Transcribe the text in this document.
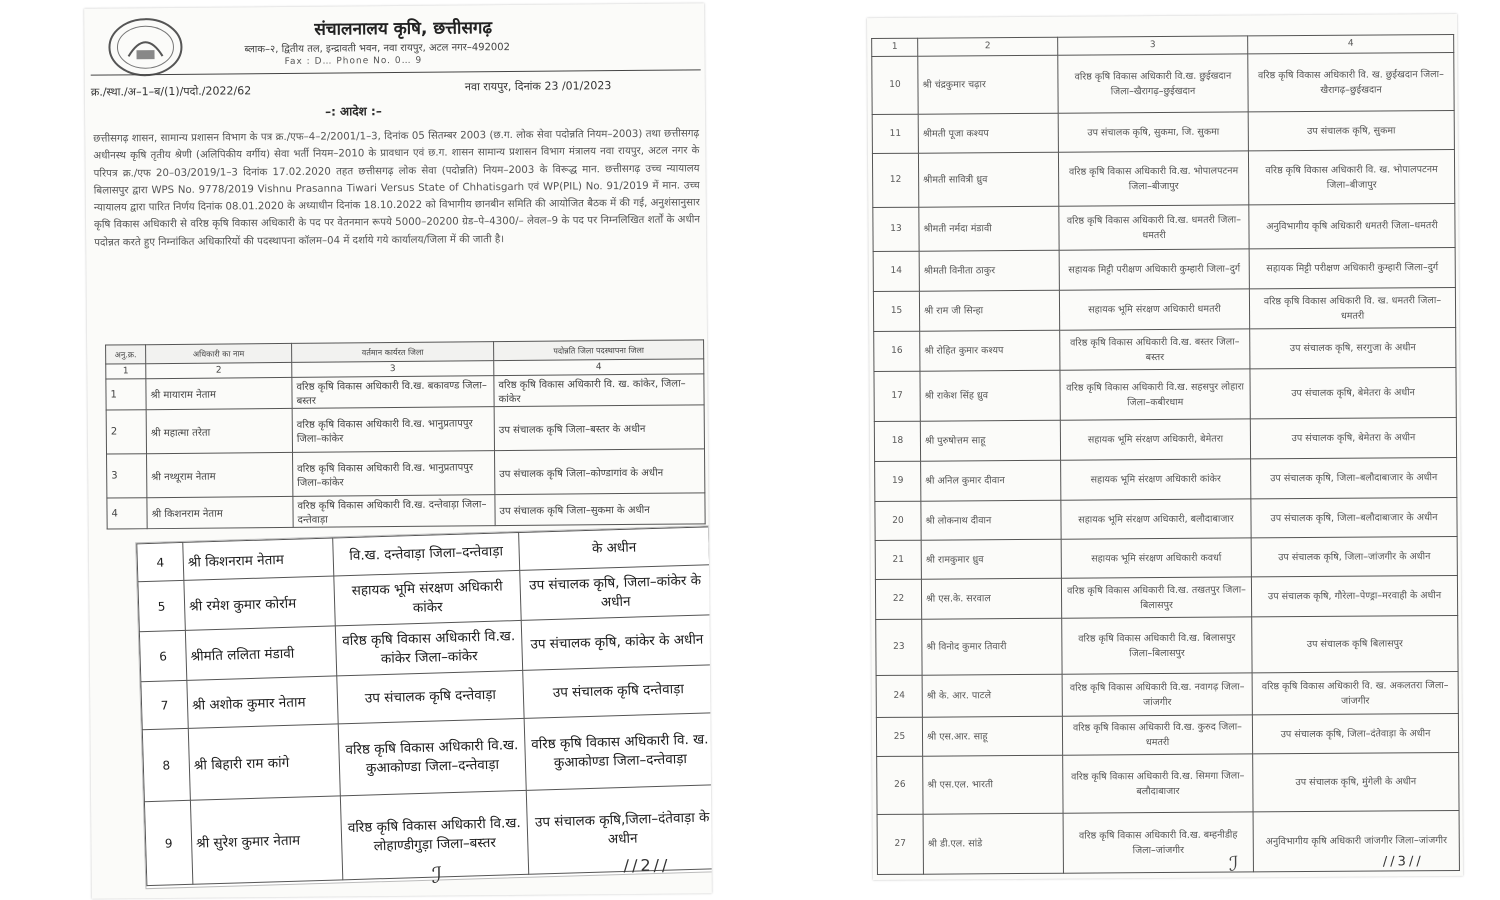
संचालनालय कृषि, छत्तीसगढ़
ब्लाक–२, द्वितीय तल, इन्द्रावती भवन, नवा रायपुर, अटल नगर–492002
Fax : D… Phone No. 0… 9
क्र./स्था./अ–1–ब/(1)/पदो./2022/62	नवा रायपुर, दिनांक 23 /01/2023
–: आदेश :–
छत्तीसगढ़ शासन, सामान्य प्रशासन विभाग के पत्र क्र./एफ–4–2/2001/1–3, दिनांक 05 सितम्बर 2003 (छ.ग. लोक सेवा पदोन्नति नियम–2003) तथा छत्तीसगढ़ अधीनस्थ कृषि तृतीय श्रेणी (अलिपिकीय वर्गीय) सेवा भर्ती नियम–2010 के प्रावधान एवं छ.ग. शासन सामान्य प्रशासन विभाग मंत्रालय नवा रायपुर, अटल नगर के परिपत्र क्र./एफ 20–03/2019/1–3 दिनांक 17.02.2020 तहत छत्तीसगढ़ लोक सेवा (पदोन्नति) नियम–2003 के विरूद्ध मान. छत्तीसगढ़ उच्च न्यायालय बिलासपुर द्वारा WPS No. 9778/2019 Vishnu Prasanna Tiwari Versus State of Chhatisgarh एवं WP(PIL) No. 91/2019 में मान. उच्च न्यायालय द्वारा पारित निर्णय दिनांक 08.01.2020 के अध्याधीन दिनांक 18.10.2022 को विभागीय छानबीन समिति की आयोजित बैठक में की गई, अनुशंसानुसार कृषि विकास अधिकारी से वरिष्ठ कृषि विकास अधिकारी के पद पर वेतनमान रूपये 5000–20200 ग्रेड–पे–4300/– लेवल–9 के पद पर निम्नलिखित शर्तों के अधीन पदोन्नत करते हुए निम्नांकित अधिकारियों की पदस्थापना कॉलम–04 में दर्शाये गये कार्यालय/जिला में की जाती है।
अनु.क्र.	अधिकारी का नाम	वर्तमान कार्यरत जिला	पदोन्नति जिला पदस्थापना जिला
1	2	3	4
1	श्री मायाराम नेताम	वरिष्ठ कृषि विकास अधिकारी वि.ख. बकावण्ड जिला–बस्तर	वरिष्ठ कृषि विकास अधिकारी वि. ख. कांकेर, जिला–कांकेर
2	श्री महात्मा तरेता	वरिष्ठ कृषि विकास अधिकारी वि.ख. भानुप्रतापपुर जिला–कांकेर	उप संचालक कृषि जिला–बस्तर के अधीन
3	श्री नथ्थूराम नेताम	वरिष्ठ कृषि विकास अधिकारी वि.ख. भानुप्रतापपुर जिला–कांकेर	उप संचालक कृषि जिला–कोण्डागांव के अधीन
4	श्री किशनराम नेताम	वरिष्ठ कृषि विकास अधिकारी वि.ख. दन्तेवाड़ा जिला–दन्तेवाड़ा	उप संचालक कृषि जिला–सुकमा के अधीन
4	श्री किशनराम नेताम	वि.ख. दन्तेवाड़ा जिला–दन्तेवाड़ा	के अधीन
5	श्री रमेश कुमार कोर्राम	सहायक भूमि संरक्षण अधिकारी कांकेर	उप संचालक कृषि, जिला–कांकेर के अधीन
6	श्रीमति ललिता मंडावी	वरिष्ठ कृषि विकास अधिकारी वि.ख. कांकेर जिला–कांकेर	उप संचालक कृषि, कांकेर के अधीन
7	श्री अशोक कुमार नेताम	उप संचालक कृषि दन्तेवाड़ा	उप संचालक कृषि दन्तेवाड़ा
8	श्री बिहारी राम कांगे	वरिष्ठ कृषि विकास अधिकारी वि.ख. कुआकोण्डा जिला–दन्तेवाड़ा	वरिष्ठ कृषि विकास अधिकारी वि. ख. कुआकोण्डा जिला–दन्तेवाड़ा
9	श्री सुरेश कुमार नेताम	वरिष्ठ कृषि विकास अधिकारी वि.ख. लोहाण्डीगुड़ा जिला–बस्तर	उप संचालक कृषि,जिला–दंतेवाड़ा के अधीन
ℐ	//2//
1	2	3	4
10	श्री चंद्रकुमार चढ़ार	वरिष्ठ कृषि विकास अधिकारी वि.ख. छुईखदान जिला–खैरागढ़–छुईखदान	वरिष्ठ कृषि विकास अधिकारी वि. ख. छुईखदान जिला–खैरागढ़–छुईखदान
11	श्रीमती पूजा कश्यप	उप संचालक कृषि, सुकमा, जि. सुकमा	उप संचालक कृषि, सुकमा
12	श्रीमती सावित्री ध्रुव	वरिष्ठ कृषि विकास अधिकारी वि.ख. भोपालपटनम जिला–बीजापुर	वरिष्ठ कृषि विकास अधिकारी वि. ख. भोपालपटनम जिला–बीजापुर
13	श्रीमती नर्मदा मंडावी	वरिष्ठ कृषि विकास अधिकारी वि.ख. धमतरी जिला–धमतरी	अनुविभागीय कृषि अधिकारी धमतरी जिला–धमतरी
14	श्रीमती विनीता ठाकुर	सहायक मिट्टी परीक्षण अधिकारी कुम्हारी जिला–दुर्ग	सहायक मिट्टी परीक्षण अधिकारी कुम्हारी जिला–दुर्ग
15	श्री राम जी सिन्हा	सहायक भूमि संरक्षण अधिकारी धमतरी	वरिष्ठ कृषि विकास अधिकारी वि. ख. धमतरी जिला–धमतरी
16	श्री रोहित कुमार कश्यप	वरिष्ठ कृषि विकास अधिकारी वि.ख. बस्तर जिला–बस्तर	उप संचालक कृषि, सरगुजा के अधीन
17	श्री राकेश सिंह ध्रुव	वरिष्ठ कृषि विकास अधिकारी वि.ख. सहसपुर लोहारा जिला–कबीरधाम	उप संचालक कृषि, बेमेतरा के अधीन
18	श्री पुरुषोत्तम साहू	सहायक भूमि संरक्षण अधिकारी, बेमेतरा	उप संचालक कृषि, बेमेतरा के अधीन
19	श्री अनिल कुमार दीवान	सहायक भूमि संरक्षण अधिकारी कांकेर	उप संचालक कृषि, जिला–बलौदाबाजार के अधीन
20	श्री लोकनाथ दीवान	सहायक भूमि संरक्षण अधिकारी, बलौदाबाजार	उप संचालक कृषि, जिला–बलौदाबाजार के अधीन
21	श्री रामकुमार ध्रुव	सहायक भूमि संरक्षण अधिकारी कवर्धा	उप संचालक कृषि, जिला–जांजगीर के अधीन
22	श्री एस.के. सरवाल	वरिष्ठ कृषि विकास अधिकारी वि.ख. तखतपुर जिला–बिलासपुर	उप संचालक कृषि, गौरेला–पेण्ड्रा–मरवाही के अधीन
23	श्री विनोद कुमार तिवारी	वरिष्ठ कृषि विकास अधिकारी वि.ख. बिलासपुर जिला–बिलासपुर	उप संचालक कृषि बिलासपुर
24	श्री के. आर. पाटले	वरिष्ठ कृषि विकास अधिकारी वि.ख. नवागढ़ जिला–जांजगीर	वरिष्ठ कृषि विकास अधिकारी वि. ख. अकलतरा जिला–जांजगीर
25	श्री एस.आर. साहू	वरिष्ठ कृषि विकास अधिकारी वि.ख. कुरुद जिला–धमतरी	उप संचालक कृषि, जिला–दंतेवाड़ा के अधीन
26	श्री एस.एल. भारती	वरिष्ठ कृषि विकास अधिकारी वि.ख. सिमगा जिला–बलौदाबाजार	उप संचालक कृषि, मुंगेली के अधीन
27	श्री डी.एल. सांडे	वरिष्ठ कृषि विकास अधिकारी वि.ख. बम्हनीडीह जिला–जांजगीर	अनुविभागीय कृषि अधिकारी जांजगीर जिला–जांजगीर
ℐ	//3//
